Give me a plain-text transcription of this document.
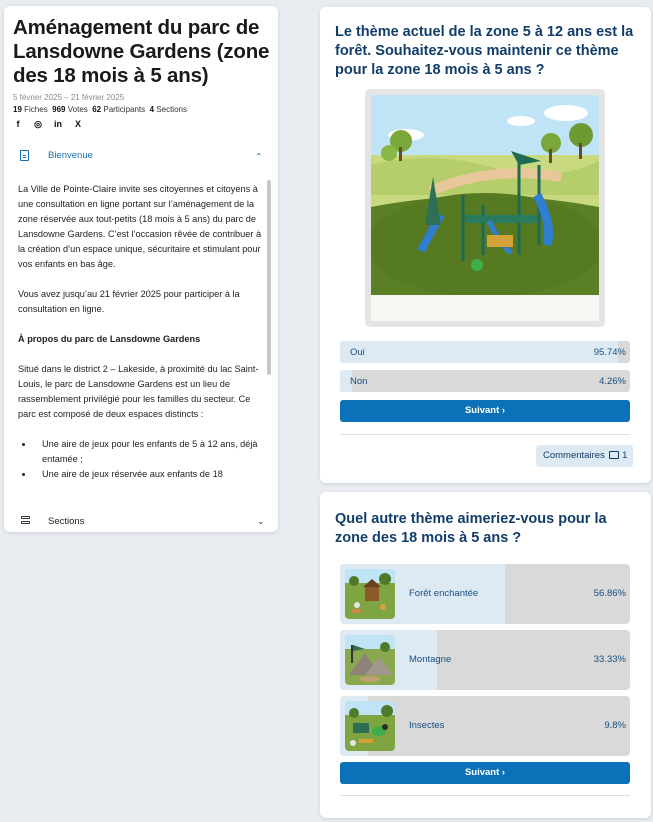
Aménagement du parc de Lansdowne Gardens (zone des 18 mois à 5 ans)
5 février 2025 – 21 février 2025
19 Fiches 969 Votes 62 Participants 4 Sections
f	◎ in X
Bienvenue	⌄

La Ville de Pointe-Claire invite ses citoyennes et citoyens à une consultation en ligne portant sur l’aménagement de la zone réservée aux tout-petits (18 mois à 5 ans) du parc de Lansdowne Gardens. C’est l’occasion rêvée de contribuer à la création d’un espace unique, sécuritaire et stimulant pour vos enfants en bas âge.

Vous avez jusqu’au 21 février 2025 pour participer à la consultation en ligne.

À propos du parc de Lansdowne Gardens

Situé dans le district 2 – Lakeside, à proximité du lac Saint-Louis, le parc de Lansdowne Gardens est un lieu de rassemblement privilégié pour les familles du secteur. Ce parc est composé de deux espaces distincts :

• Une aire de jeux pour les enfants de 5 à 12 ans, déjà entamée ;
• Une aire de jeux réservée aux enfants de 18
Sections	⌄
Le thème actuel de la zone 5 à 12 ans est la forêt. Souhaitez-vous maintenir ce thème pour la zone 18 mois à 5 ans ?
Oui	95.74%
Non	4.26%
Suivant ›
Commentaires 1
Quel autre thème aimeriez-vous pour la zone des 18 mois à 5 ans ?
Forêt enchantée	56.86%
Montagne	33.33%
Insectes	9.8%
Suivant ›
